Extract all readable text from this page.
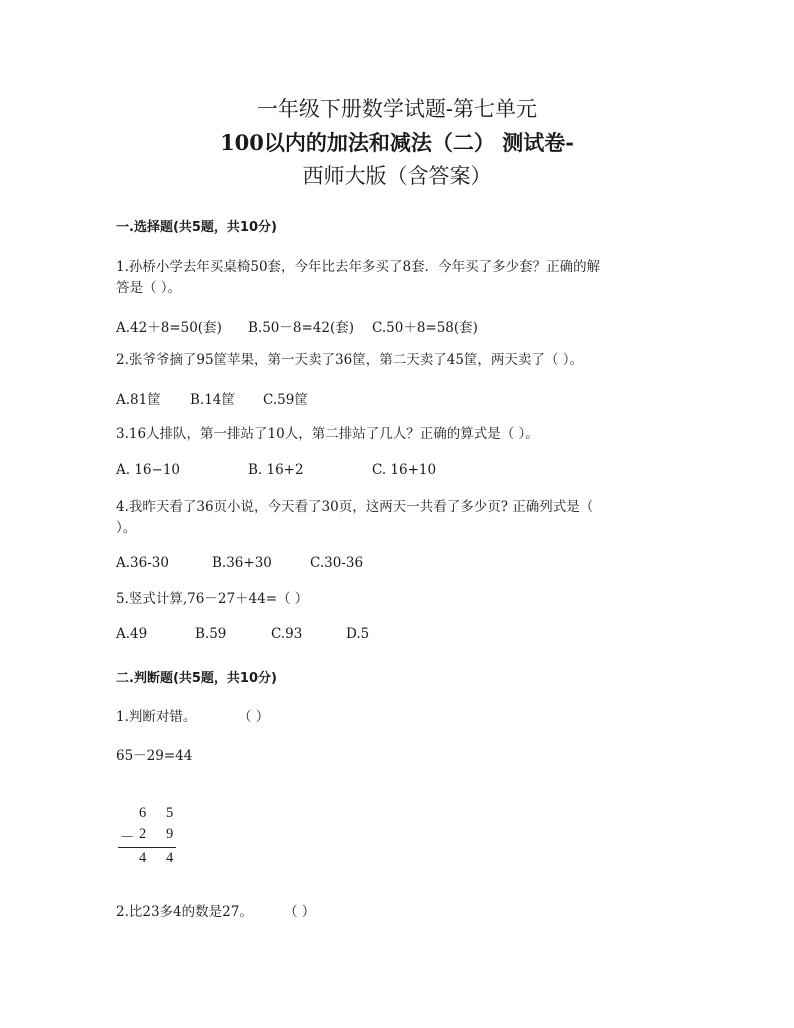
一年级下册数学试题-第七单元
100以内的加法和减法（二） 测试卷-
西师大版（含答案）
一.选择题(共5题，共10分)
1.孙桥小学去年买桌椅50套，今年比去年多买了8套．今年买了多少套？正确的解
答是（ ）。
A.42＋8=50(套) B.50－8=42(套) C.50＋8=58(套)
2.张爷爷摘了95筐苹果，第一天卖了36筐，第二天卖了45筐，两天卖了（ ）。
A.81筐 B.14筐 C.59筐
3.16人排队，第一排站了10人，第二排站了几人？正确的算式是（ ）。
A. 16−10	B. 16+2	C. 16+10
4.我昨天看了36页小说，今天看了30页，这两天一共看了多少页? 正确列式是（
）。
A.36-30	B.36+30	C.30-36
5.竖式计算,76－27＋44=（ ）
A.49	B.59	C.93	D.5
二.判断题(共5题，共10分)
1.判断对错。	（ ）
65－29=44
6 5
－ 2 9
4 4
2.比23多4的数是27。 （ ）
